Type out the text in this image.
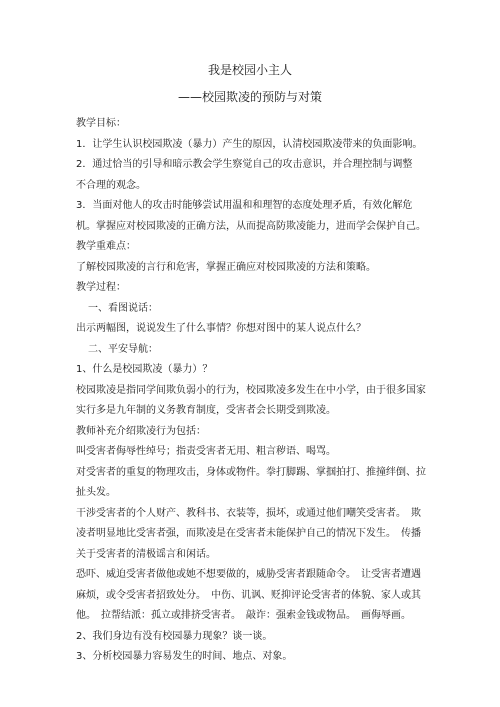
我是校园小主人
——校园欺凌的预防与对策
教学目标：
1．让学生认识校园欺凌（暴力）产生的原因，认清校园欺凌带来的负面影响。
2．通过恰当的引导和暗示教会学生察觉自己的攻击意识，并合理控制与调整
不合理的观念。
3．当面对他人的攻击时能够尝试用温和和理智的态度处理矛盾，有效化解危
机。掌握应对校园欺凌的正确方法，从而提高防欺凌能力，进而学会保护自己。
教学重难点：
了解校园欺凌的言行和危害，掌握正确应对校园欺凌的方法和策略。
教学过程：
一、看图说话：
出示两幅图，说说发生了什么事情？你想对图中的某人说点什么？
二、平安导航：
1、什么是校园欺凌（暴力）？
校园欺凌是指同学间欺负弱小的行为，校园欺凌多发生在中小学，由于很多国家
实行多是九年制的义务教育制度，受害者会长期受到欺凌。
教师补充介绍欺凌行为包括：
叫受害者侮辱性绰号；指责受害者无用、粗言秽语、喝骂。
对受害者的重复的物理攻击，身体或物件。拳打脚踢、掌掴拍打、推撞绊倒、拉
扯头发。
干涉受害者的个人财产、教科书、衣装等，损坏，或通过他们嘲笑受害者。　欺
凌者明显地比受害者强，而欺凌是在受害者未能保护自己的情况下发生。　传播
关于受害者的清极谣言和闲话。
恐吓、威迫受害者做他或她不想要做的，威胁受害者跟随命令。　让受害者遭遇
麻烦，或令受害者招致处分。　中伤、讥讽、贬抑评论受害者的体貌、家人或其
他。　拉帮结派：孤立或排挤受害者。　敲诈：强索金钱或物品。　画侮辱画。
2、我们身边有没有校园暴力现象？谈一谈。
3、分析校园暴力容易发生的时间、地点、对象。
